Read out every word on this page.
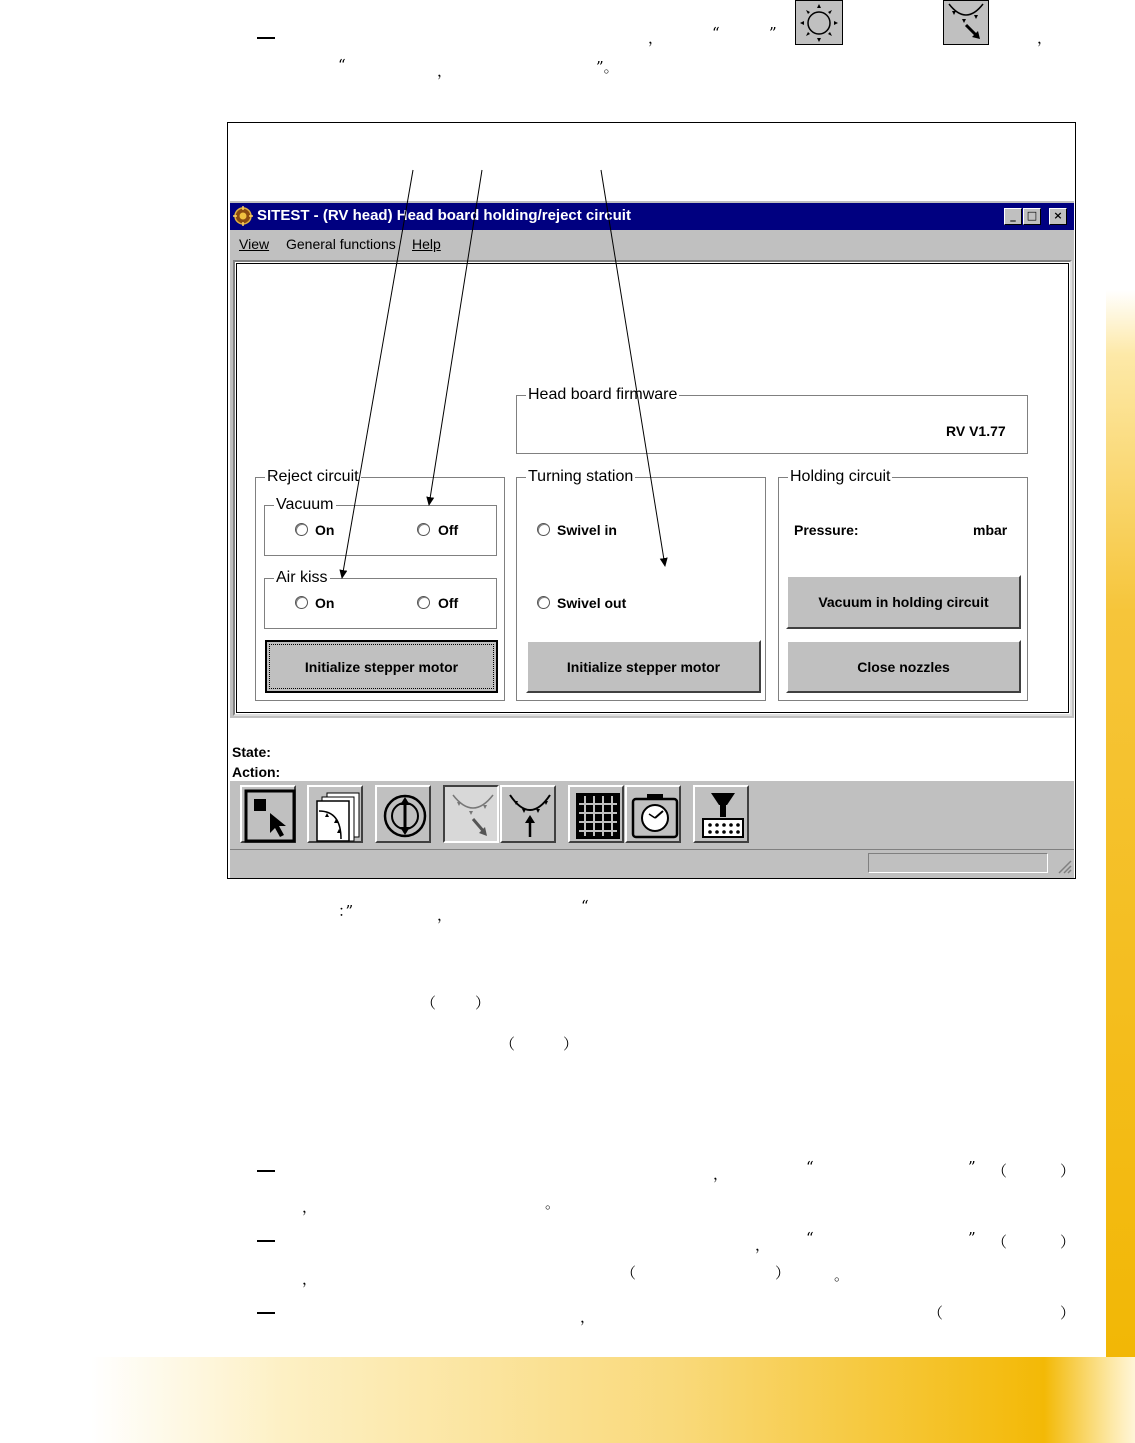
，	“	”	，
“	，	”。
SITEST - (RV head) Head board holding/reject circuit	_	□	×
View General functions Help
Head board firmware
RV V1.77
Reject circuit
Vacuum
On	Off
Air kiss
On	Off
Initialize stepper motor
Turning station
Swivel in
Swivel out
Initialize stepper motor
Holding circuit
Pressure:	mbar
Vacuum in holding circuit
Close nozzles
State:
Action:
：”	，	“
（	）
（	）
，	“	” （	）
，	。
， “	” （	）
，	（	）	。
，	（	）
